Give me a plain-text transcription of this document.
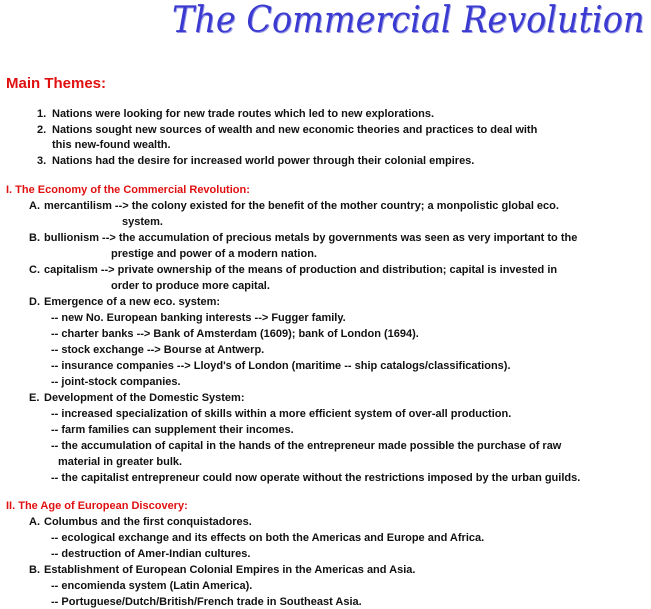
The Commercial Revolution
Main Themes:
1. Nations were looking for new trade routes which led to new explorations.
2. Nations sought new sources of wealth and new economic theories and practices to deal with
this new-found wealth.
3. Nations had the desire for increased world power through their colonial empires.
I. The Economy of the Commercial Revolution:
A. mercantilism --> the colony existed for the benefit of the mother country; a monpolistic global eco.
system.
B. bullionism --> the accumulation of precious metals by governments was seen as very important to the
prestige and power of a modern nation.
C. capitalism --> private ownership of the means of production and distribution; capital is invested in
order to produce more capital.
D. Emergence of a new eco. system:
-- new No. European banking interests --> Fugger family.
-- charter banks --> Bank of Amsterdam (1609); bank of London (1694).
-- stock exchange --> Bourse at Antwerp.
-- insurance companies --> Lloyd's of London (maritime -- ship catalogs/classifications).
-- joint-stock companies.
E. Development of the Domestic System:
-- increased specialization of skills within a more efficient system of over-all production.
-- farm families can supplement their incomes.
-- the accumulation of capital in the hands of the entrepreneur made possible the purchase of raw
material in greater bulk.
-- the capitalist entrepreneur could now operate without the restrictions imposed by the urban guilds.
II. The Age of European Discovery:
A. Columbus and the first conquistadores.
-- ecological exchange and its effects on both the Americas and Europe and Africa.
-- destruction of Amer-Indian cultures.
B. Establishment of European Colonial Empires in the Americas and Asia.
-- encomienda system (Latin America).
-- Portuguese/Dutch/British/French trade in Southeast Asia.
